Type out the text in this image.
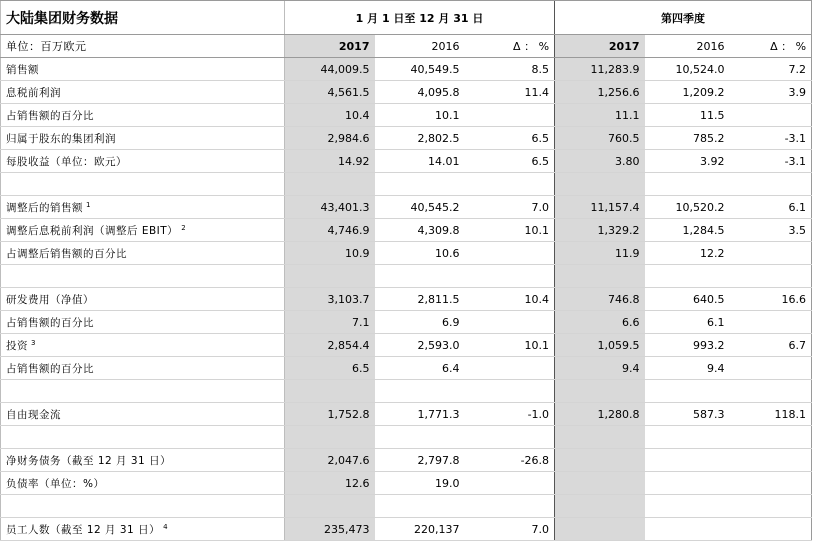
大陆集团财务数据	1 月 1 日至 12 月 31 日			第四季度		
单位：百万欧元	2017	2016	Δ ： %	2017	2016	Δ ： %
销售额	44,009.5	40,549.5	8.5	11,283.9	10,524.0	7.2
息税前利润	4,561.5	4,095.8	11.4	1,256.6	1,209.2	3.9
占销售额的百分比	10.4	10.1		11.1	11.5	
归属于股东的集团利润	2,984.6	2,802.5	6.5	760.5	785.2	-3.1
每股收益（单位：欧元）	14.92	14.01	6.5	3.80	3.92	-3.1

调整后的销售额 $^1$	43,401.3	40,545.2	7.0	11,157.4	10,520.2	6.1
调整后息税前利润（调整后 EBIT） $^2$	4,746.9	4,309.8	10.1	1,329.2	1,284.5	3.5
占调整后销售额的百分比	10.9	10.6		11.9	12.2	

研发费用（净值）	3,103.7	2,811.5	10.4	746.8	640.5	16.6
占销售额的百分比	7.1	6.9		6.6	6.1	
投资 $^3$	2,854.4	2,593.0	10.1	1,059.5	993.2	6.7
占销售额的百分比	6.5	6.4		9.4	9.4	

自由现金流	1,752.8	1,771.3	-1.0	1,280.8	587.3	118.1

净财务债务（截至 12 月 31 日）	2,047.6	2,797.8	-26.8			
负债率（单位：%）	12.6	19.0				

员工人数（截至 12 月 31 日） $^4$	235,473	220,137	7.0			
